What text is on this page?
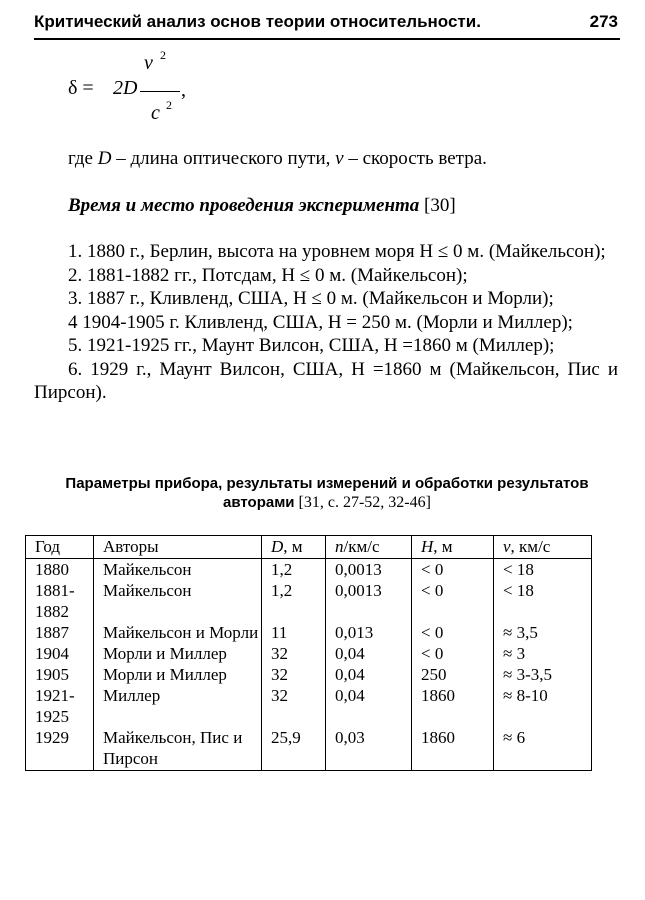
Критический анализ основ теории относительности.	273
δ = 2D
v 2
c 2
,
где D – длина оптического пути, v – скорость ветра.
Время и место проведения эксперимента [30]

1. 1880 г., Берлин, высота на уровнем моря H ≤ 0 м. (Майкельсон);

2. 1881-1882 гг., Потсдам, H ≤ 0 м. (Майкельсон);

3. 1887 г., Кливленд, США, H ≤ 0 м. (Майкельсон и Морли);

4 1904-1905 г. Кливленд, США, H = 250 м. (Морли и Миллер);

5. 1921-1925 гг., Маунт Вилсон, США, H =1860 м (Миллер);

6. 1929 г., Маунт Вилсон, США, H =1860 м (Майкельсон, Пис и Пирсон).

Параметры прибора, результаты измерений и обработки результатов
авторами [31, с. 27-52, 32-46]
Год	Авторы	D, м	n/км/с	H, м	v, км/с
1880	Майкельсон	1,2	0,0013	< 0	< 18
1881-1882	Майкельсон	1,2	0,0013	< 0	< 18
1887	Майкельсон и Морли	11	0,013	< 0	≈ 3,5
1904	Морли и Миллер	32	0,04	< 0	≈ 3
1905	Морли и Миллер	32	0,04	250	≈ 3-3,5
1921-1925	Миллер	32	0,04	1860	≈ 8-10
1929	Майкельсон, Пис и Пирсон	25,9	0,03	1860	≈ 6
